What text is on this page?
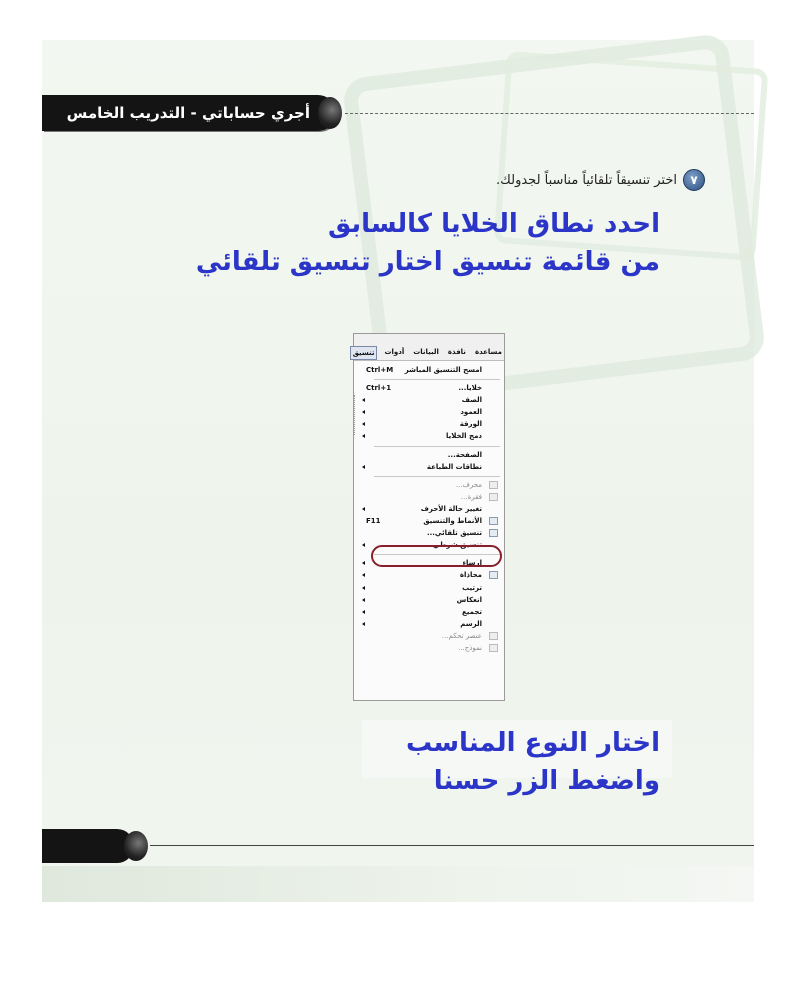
أجري حساباتي - التدريب الخامس
٧
اختر تنسيقاً تلقائياً مناسباً لجدولك.
احدد نطاق الخلايا كالسابق
من قائمة تنسيق اختار تنسيق تلقائي
تنسيق	أدوات البيانات نافذة مساعدة
امسح التنسيق المباشر
Ctrl+M
خلايا...
Ctrl+1
الصف
العمود
الورقة
دمج الخلايا
الصفحة...
نطاقات الطباعة
محرف...
فقرة...
تغيير حالة الأحرف
الأنماط والتنسيق
F11
تنسيق تلقائي...
تنسيق شرطي
إرساء
محاذاة
ترتيب
انعكاس
تجميع
الرسم
عنصر تحكم...
نموذج...
اختار النوع المناسب
واضغط الزر حسنا
